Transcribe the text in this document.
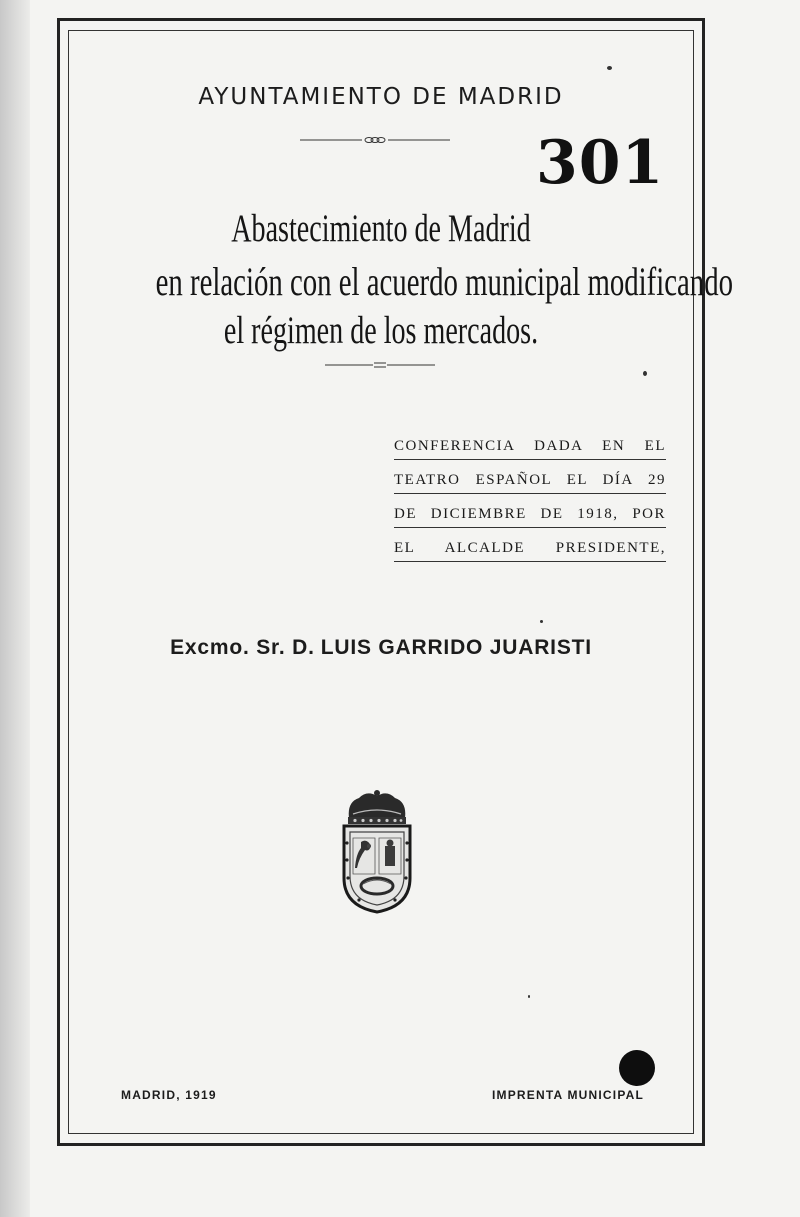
AYUNTAMIENTO DE MADRID
301
Abastecimiento de Madrid
en relación con el acuerdo municipal modificando
el régimen de los mercados.
CONFERENCIA DADA EN EL
TEATRO ESPAÑOL EL DÍA 29
DE DICIEMBRE DE 1918, POR
EL ALCALDE PRESIDENTE,
Excmo. Sr. D. LUIS GARRIDO JUARISTI
MADRID, 1919	IMPRENTA MUNICIPAL
